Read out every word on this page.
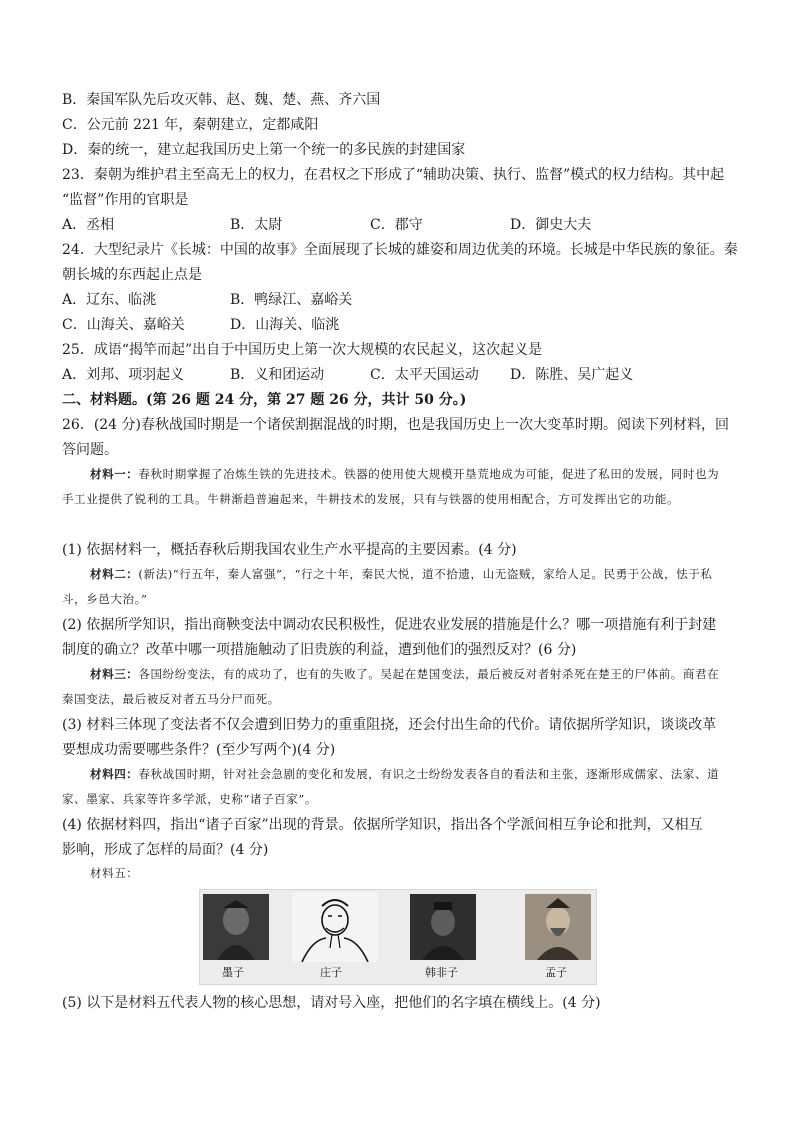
B．秦国军队先后攻灭韩、赵、魏、楚、燕、齐六国
C．公元前 221 年，秦朝建立，定都咸阳
D．秦的统一，建立起我国历史上第一个统一的多民族的封建国家
23．秦朝为维护君主至高无上的权力，在君权之下形成了“辅助决策、执行、监督”模式的权力结构。其中起
“监督”作用的官职是
A．丞相	B．太尉	C．郡守	D．御史大夫
24．大型纪录片《长城：中国的故事》全面展现了长城的雄姿和周边优美的环境。长城是中华民族的象征。秦
朝长城的东西起止点是
A．辽东、临洮	B．鸭绿江、嘉峪关
C．山海关、嘉峪关	D．山海关、临洮
25．成语“揭竿而起”出自于中国历史上第一次大规模的农民起义，这次起义是
A．刘邦、项羽起义	B．义和团运动	C．太平天国运动 D．陈胜、吴广起义
二、材料题。(第 26 题 24 分，第 27 题 26 分，共计 50 分。)
26．(24 分)春秋战国时期是一个诸侯割据混战的时期，也是我国历史上一次大变革时期。阅读下列材料，回
答问题。
材料一：春秋时期掌握了冶炼生铁的先进技术。铁器的使用使大规模开垦荒地成为可能，促进了私田的发展，同时也为手工业提供了锐利的工具。牛耕渐趋普遍起来，牛耕技术的发展，只有与铁器的使用相配合，方可发挥出它的功能。
(1) 依据材料一，概括春秋后期我国农业生产水平提高的主要因素。(4 分)
材料二：(新法)“行五年，秦人富强”，“行之十年，秦民大悦，道不拾遗，山无盗贼，家给人足。民勇于公战，怯于私斗，乡邑大治。”
(2) 依据所学知识，指出商鞅变法中调动农民积极性，促进农业发展的措施是什么？哪一项措施有利于封建
制度的确立？改革中哪一项措施触动了旧贵族的利益，遭到他们的强烈反对？(6 分)
材料三：各国纷纷变法，有的成功了，也有的失败了。吴起在楚国变法，最后被反对者射杀死在楚王的尸体前。商君在秦国变法，最后被反对者五马分尸而死。
(3) 材料三体现了变法者不仅会遭到旧势力的重重阻挠，还会付出生命的代价。请依据所学知识，谈谈改革
要想成功需要哪些条件？(至少写两个)(4 分)
材料四：春秋战国时期，针对社会急剧的变化和发展，有识之士纷纷发表各自的看法和主张，逐渐形成儒家、法家、道家、墨家、兵家等许多学派，史称“诸子百家”。
(4) 依据材料四，指出“诸子百家”出现的背景。依据所学知识，指出各个学派间相互争论和批判，又相互
影响，形成了怎样的局面？(4 分)
材料五：
墨子	庄子	韩非子	孟子
(5) 以下是材料五代表人物的核心思想，请对号入座，把他们的名字填在横线上。(4 分)
